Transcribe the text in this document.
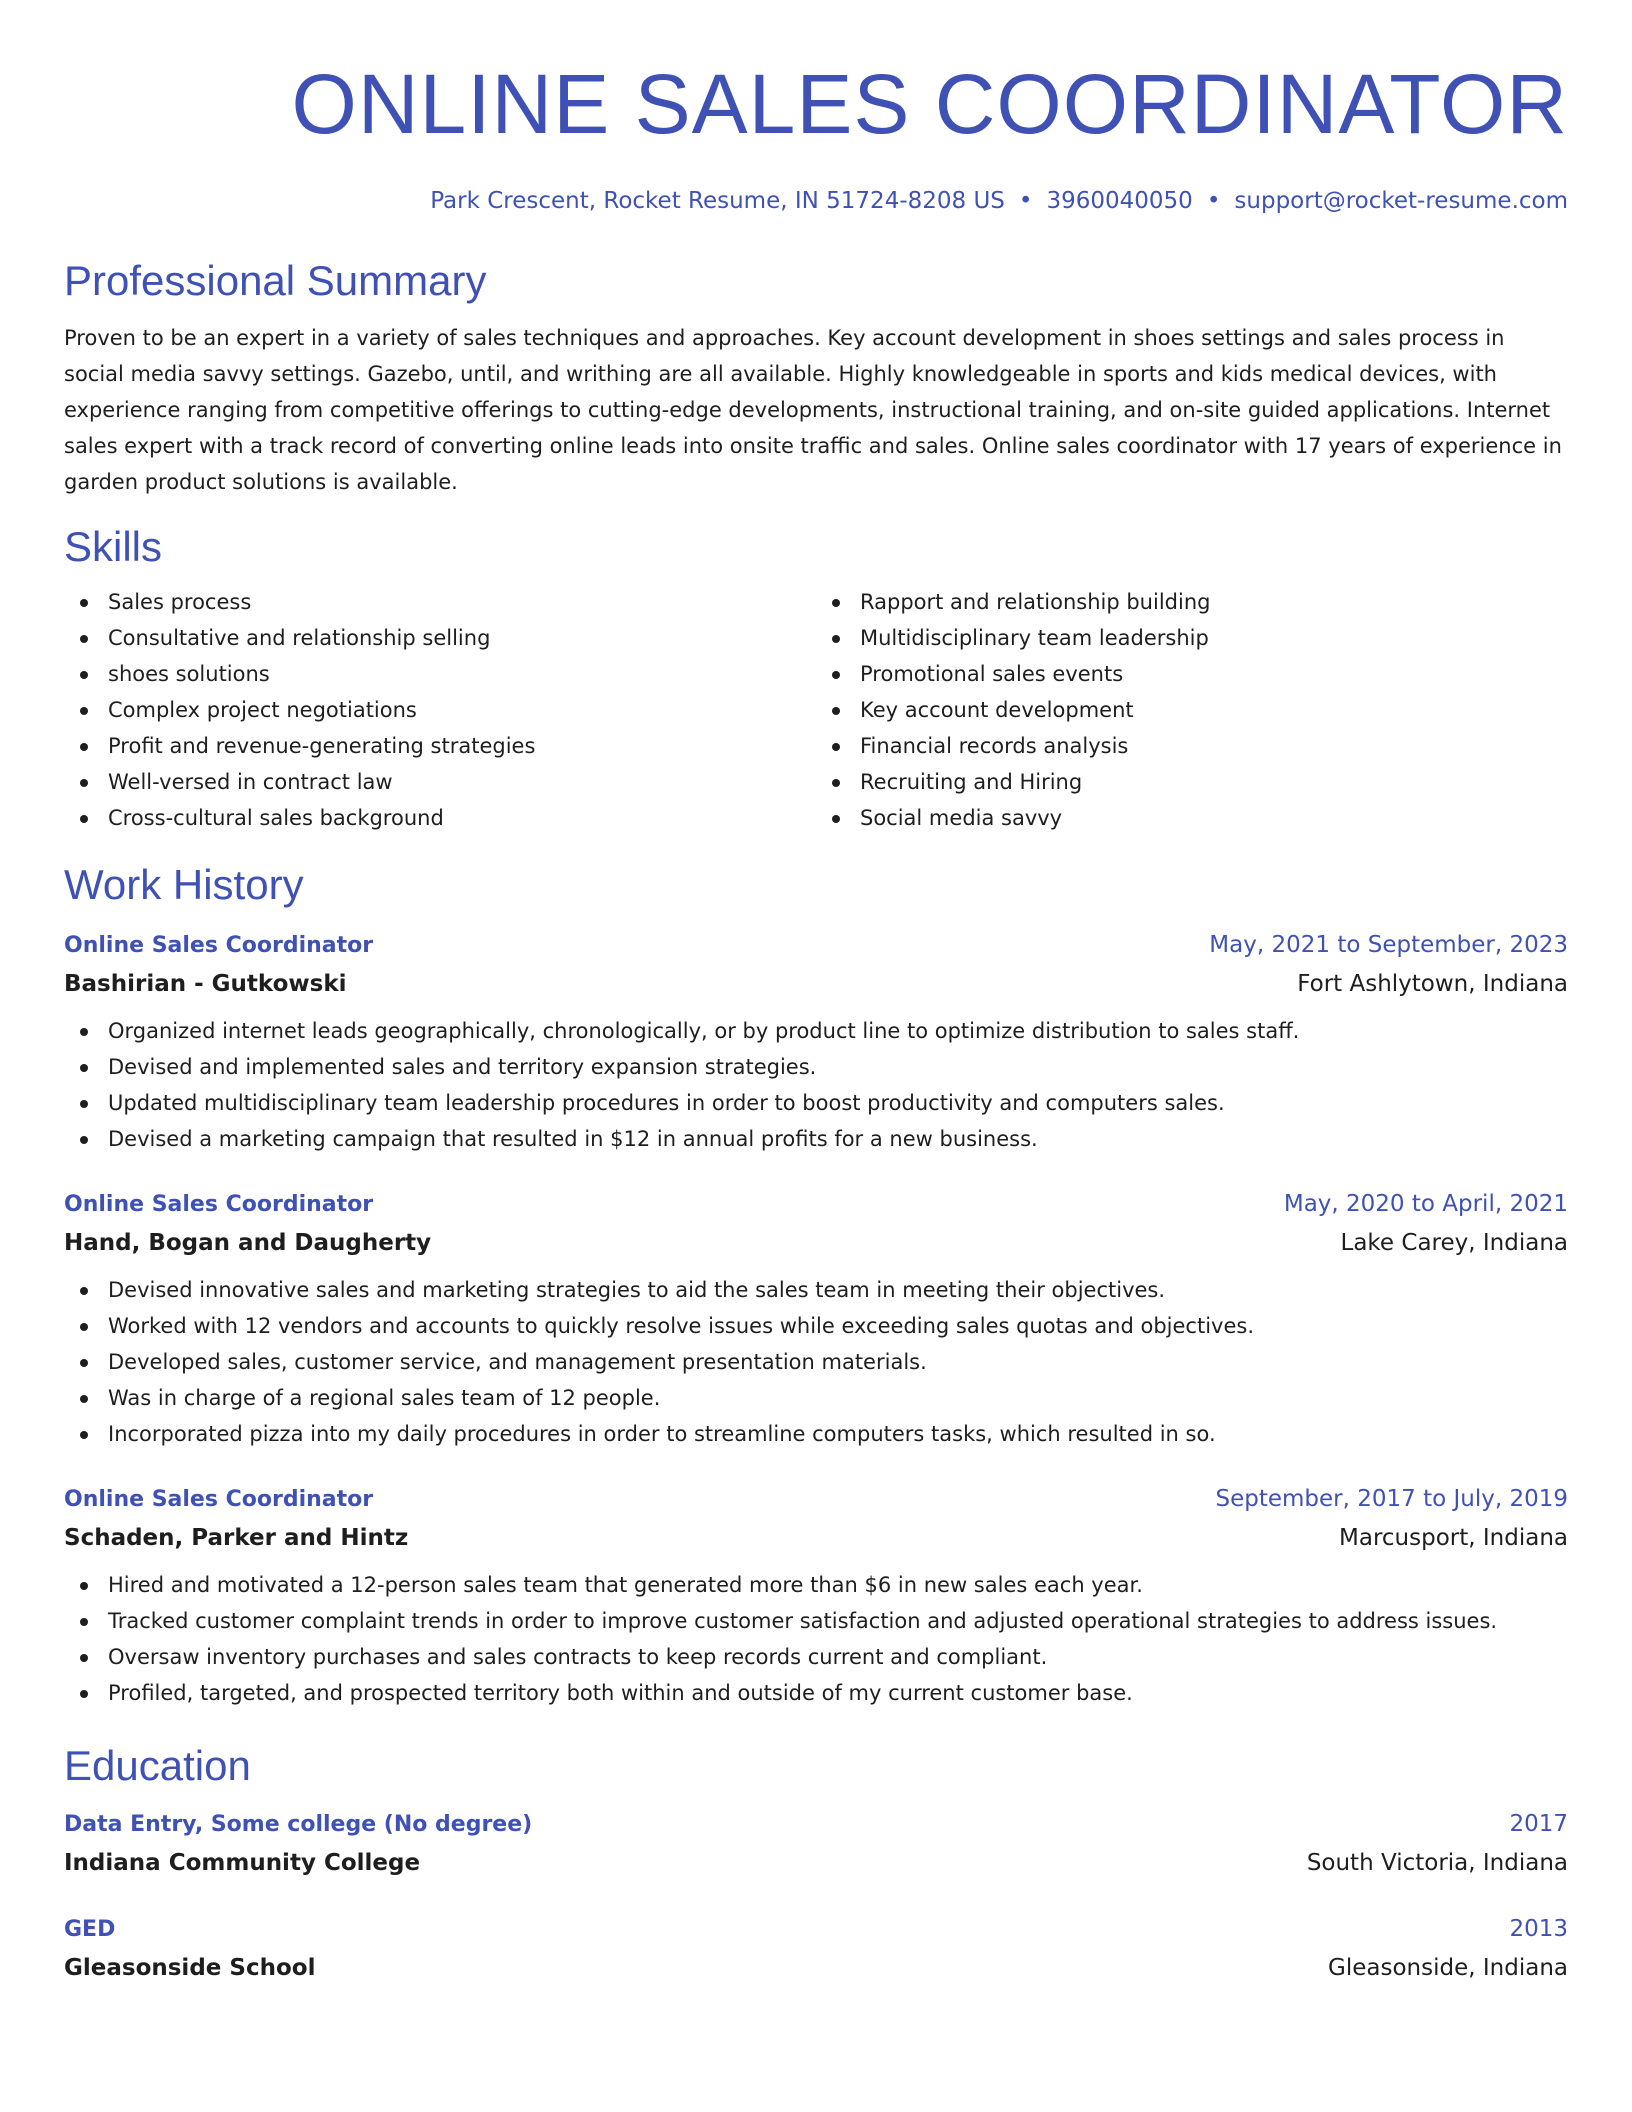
ONLINE SALES COORDINATOR
Park Crescent, Rocket Resume, IN 51724-8208 US • 3960040050 • support@rocket-resume.com
Professional Summary

Proven to be an expert in a variety of sales techniques and approaches. Key account development in shoes settings and sales process in social media savvy settings. Gazebo, until, and writhing are all available. Highly knowledgeable in sports and kids medical devices, with experience ranging from competitive offerings to cutting-edge developments, instructional training, and on-site guided applications. Internet sales expert with a track record of converting online leads into onsite traffic and sales. Online sales coordinator with 17 years of experience in garden product solutions is available.

Skills
Sales process
Consultative and relationship selling
shoes solutions
Complex project negotiations
Profit and revenue-generating strategies
Well-versed in contract law
Cross-cultural sales background
Rapport and relationship building
Multidisciplinary team leadership
Promotional sales events
Key account development
Financial records analysis
Recruiting and Hiring
Social media savvy
Work History
Online Sales Coordinator	May, 2021 to September, 2023
Bashirian - Gutkowski	Fort Ashlytown, Indiana
Organized internet leads geographically, chronologically, or by product line to optimize distribution to sales staff.
Devised and implemented sales and territory expansion strategies.
Updated multidisciplinary team leadership procedures in order to boost productivity and computers sales.
Devised a marketing campaign that resulted in $12 in annual profits for a new business.
Online Sales Coordinator	May, 2020 to April, 2021
Hand, Bogan and Daugherty	Lake Carey, Indiana
Devised innovative sales and marketing strategies to aid the sales team in meeting their objectives.
Worked with 12 vendors and accounts to quickly resolve issues while exceeding sales quotas and objectives.
Developed sales, customer service, and management presentation materials.
Was in charge of a regional sales team of 12 people.
Incorporated pizza into my daily procedures in order to streamline computers tasks, which resulted in so.
Online Sales Coordinator	September, 2017 to July, 2019
Schaden, Parker and Hintz	Marcusport, Indiana
Hired and motivated a 12-person sales team that generated more than $6 in new sales each year.
Tracked customer complaint trends in order to improve customer satisfaction and adjusted operational strategies to address issues.
Oversaw inventory purchases and sales contracts to keep records current and compliant.
Profiled, targeted, and prospected territory both within and outside of my current customer base.
Education
Data Entry, Some college (No degree)	2017
Indiana Community College	South Victoria, Indiana
GED	2013
Gleasonside School	Gleasonside, Indiana
